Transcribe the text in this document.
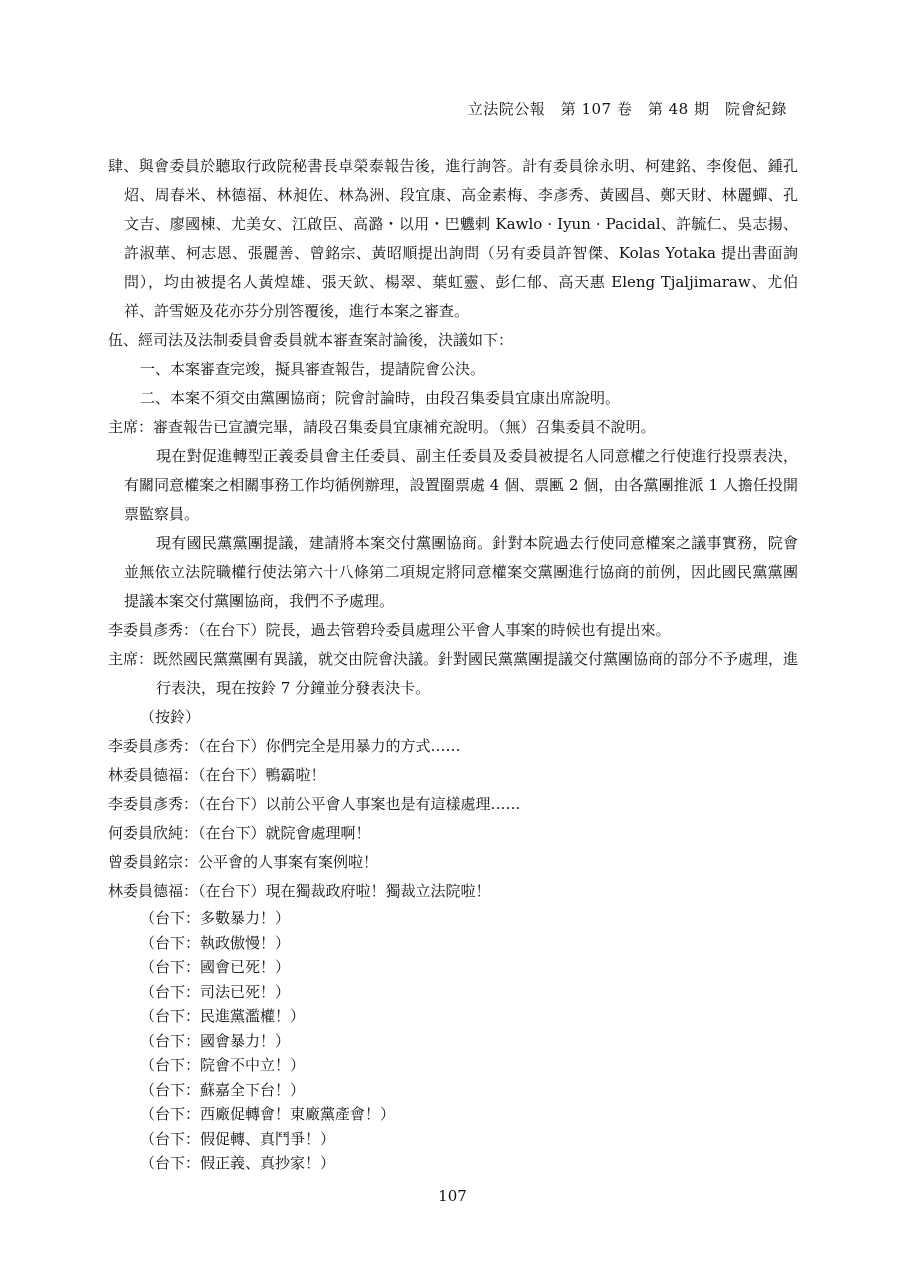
立法院公報　第 107 卷　第 48 期　院會紀錄

肆、與會委員於聽取行政院秘書長卓榮泰報告後，進行詢答。計有委員徐永明、柯建銘、李俊俋、鍾孔炤、周春米、林德福、林昶佐、林為洲、段宜康、高金素梅、李彥秀、黃國昌、鄭天財、林麗蟬、孔文吉、廖國棟、尤美女、江啟臣、高潞・以用・巴魕剌 Kawlo · Iyun · Pacidal、許毓仁、吳志揚、許淑華、柯志恩、張麗善、曾銘宗、黃昭順提出詢問（另有委員許智傑、Kolas Yotaka 提出書面詢問），均由被提名人黃煌雄、張天欽、楊翠、葉虹靈、彭仁郁、高天惠 Eleng Tjaljimaraw、尤伯祥、許雪姬及花亦芬分別答覆後，進行本案之審查。

伍、經司法及法制委員會委員就本審查案討論後，決議如下：

一、本案審查完竣，擬具審查報告，提請院會公決。

二、本案不須交由黨團協商；院會討論時，由段召集委員宜康出席說明。

主席：審查報告已宣讀完畢，請段召集委員宜康補充說明。（無）召集委員不說明。

現在對促進轉型正義委員會主任委員、副主任委員及委員被提名人同意權之行使進行投票表決，有關同意權案之相關事務工作均循例辦理，設置圈票處 4 個、票匭 2 個，由各黨團推派 1 人擔任投開票監察員。

現有國民黨黨團提議，建請將本案交付黨團協商。針對本院過去行使同意權案之議事實務，院會並無依立法院職權行使法第六十八條第二項規定將同意權案交黨團進行協商的前例，因此國民黨黨團提議本案交付黨團協商，我們不予處理。

李委員彥秀：（在台下）院長，過去管碧玲委員處理公平會人事案的時候也有提出來。

主席：既然國民黨黨團有異議，就交由院會決議。針對國民黨黨團提議交付黨團協商的部分不予處理，進行表決，現在按鈴 7 分鐘並分發表決卡。

（按鈴）

李委員彥秀：（在台下）你們完全是用暴力的方式……

林委員德福：（在台下）鴨霸啦！

李委員彥秀：（在台下）以前公平會人事案也是有這樣處理……

何委員欣純：（在台下）就院會處理啊！

曾委員銘宗：公平會的人事案有案例啦！

林委員德福：（在台下）現在獨裁政府啦！獨裁立法院啦！

（台下：多數暴力！）

（台下：執政傲慢！）

（台下：國會已死！）

（台下：司法已死！）

（台下：民進黨濫權！）

（台下：國會暴力！）

（台下：院會不中立！）

（台下：蘇嘉全下台！）

（台下：西廠促轉會！東廠黨產會！）

（台下：假促轉、真鬥爭！）

（台下：假正義、真抄家！）

107
